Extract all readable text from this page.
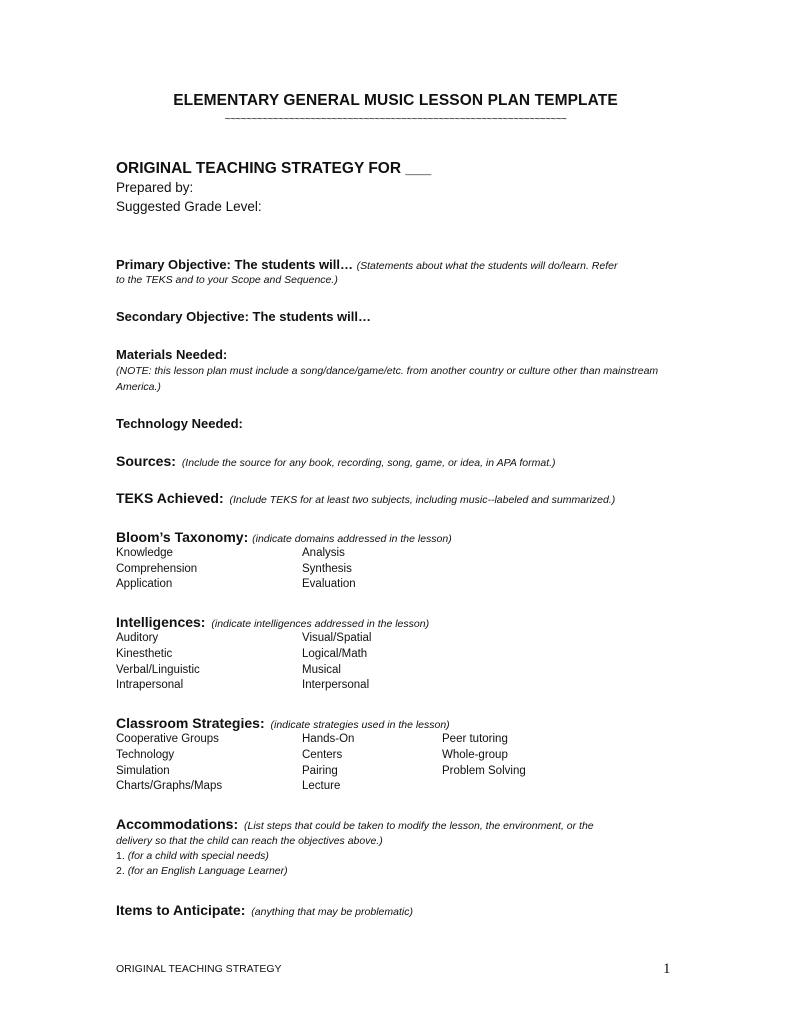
ELEMENTARY GENERAL MUSIC LESSON PLAN TEMPLATE
~~~~~~~~~~~~~~~~~~~~~~~~~~~~~~~~~~~~~~~~~~~~~~~~~~~~~~~~~~~~~~~~
ORIGINAL TEACHING STRATEGY FOR ___
Prepared by:
Suggested Grade Level:
Primary Objective: The students will… (Statements about what the students will do/learn. Refer
to the TEKS and to your Scope and Sequence.)
Secondary Objective: The students will…
Materials Needed:
(NOTE: this lesson plan must include a song/dance/game/etc. from another country or culture other than mainstream America.)
Technology Needed:
Sources: (Include the source for any book, recording, song, game, or idea, in APA format.)
TEKS Achieved: (Include TEKS for at least two subjects, including music--labeled and summarized.)
Bloom’s Taxonomy: (indicate domains addressed in the lesson)
Knowledge
Comprehension
Application
Analysis
Synthesis
Evaluation
Intelligences: (indicate intelligences addressed in the lesson)
Auditory
Kinesthetic
Verbal/Linguistic
Intrapersonal
Visual/Spatial
Logical/Math
Musical
Interpersonal
Classroom Strategies: (indicate strategies used in the lesson)
Cooperative Groups
Technology
Simulation
Charts/Graphs/Maps
Hands-On
Centers
Pairing
Lecture
Peer tutoring
Whole-group
Problem Solving
Accommodations: (List steps that could be taken to modify the lesson, the environment, or the
delivery so that the child can reach the objectives above.)
1. (for a child with special needs)
2. (for an English Language Learner)
Items to Anticipate: (anything that may be problematic)
ORIGINAL TEACHING STRATEGY	1
